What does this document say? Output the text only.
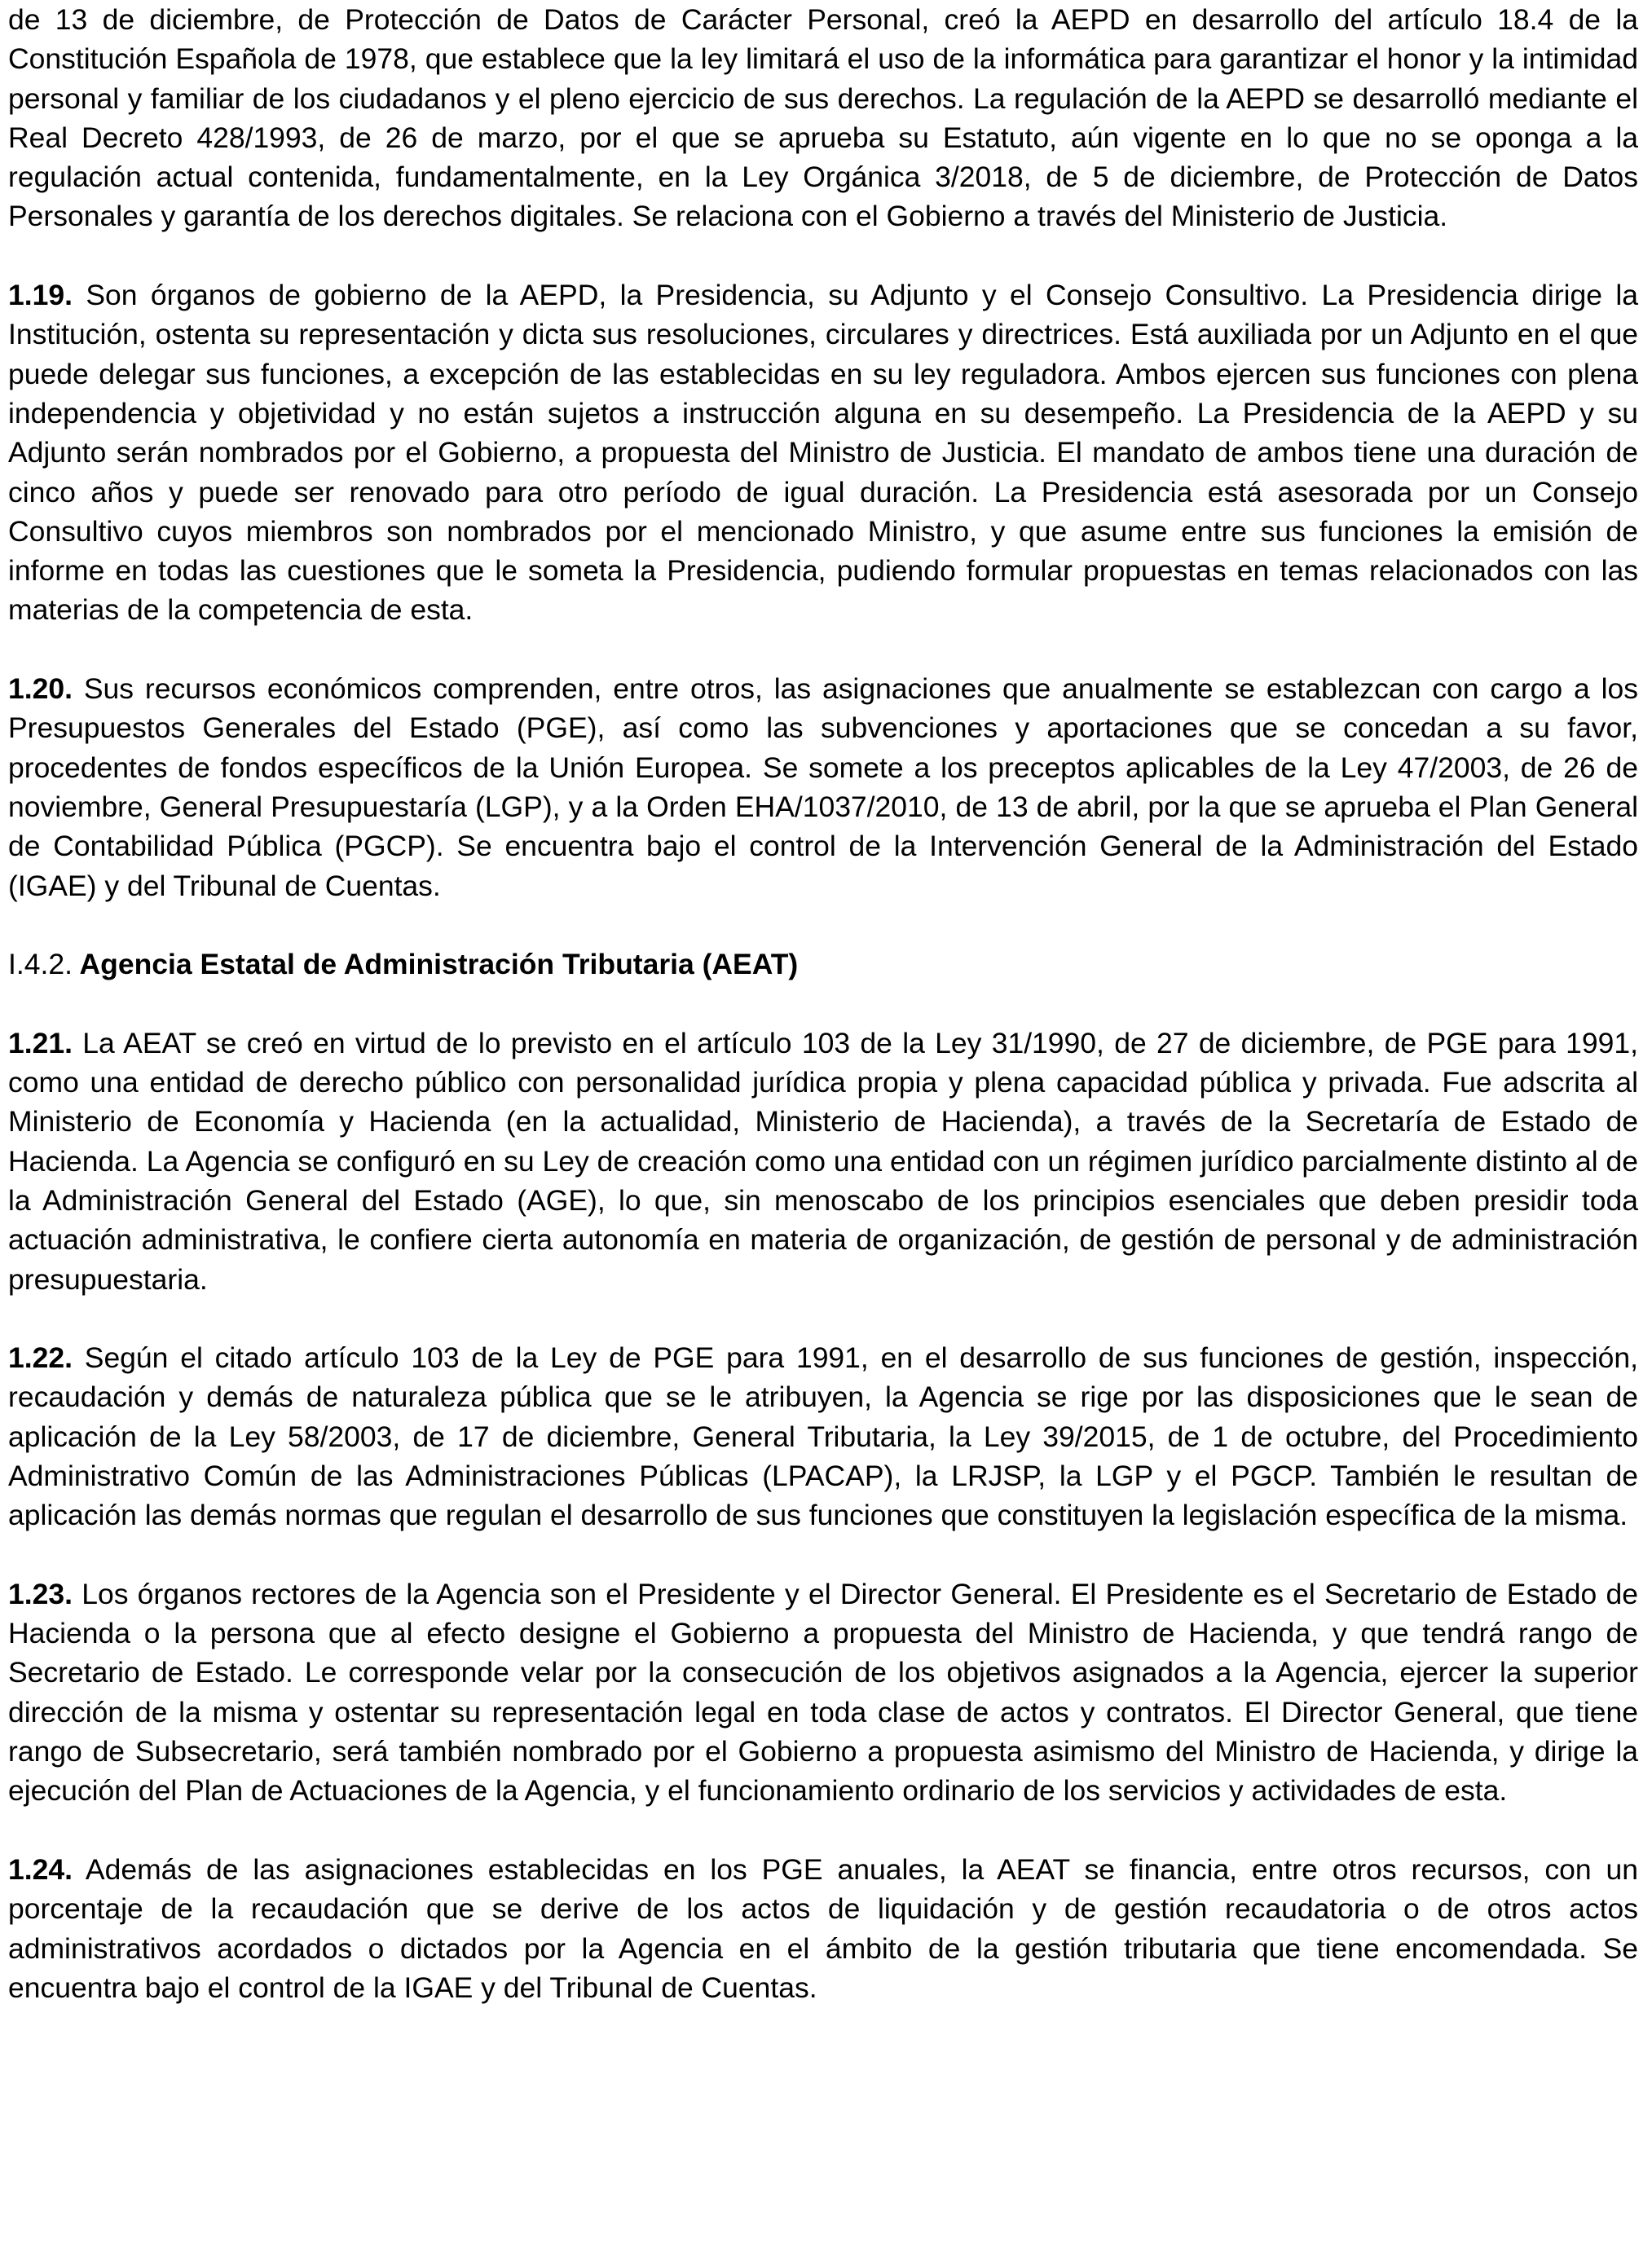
de 13 de diciembre, de Protección de Datos de Carácter Personal, creó la AEPD en desarrollo del artículo 18.4 de la Constitución Española de 1978, que establece que la ley limitará el uso de la informática para garantizar el honor y la intimidad personal y familiar de los ciudadanos y el pleno ejercicio de sus derechos. La regulación de la AEPD se desarrolló mediante el Real Decreto 428/1993, de 26 de marzo, por el que se aprueba su Estatuto, aún vigente en lo que no se oponga a la regulación actual contenida, fundamentalmente, en la Ley Orgánica 3/2018, de 5 de diciembre, de Protección de Datos Personales y garantía de los derechos digitales. Se relaciona con el Gobierno a través del Ministerio de Justicia.

1.19. Son órganos de gobierno de la AEPD, la Presidencia, su Adjunto y el Consejo Consultivo. La Presidencia dirige la Institución, ostenta su representación y dicta sus resoluciones, circulares y directrices. Está auxiliada por un Adjunto en el que puede delegar sus funciones, a excepción de las establecidas en su ley reguladora. Ambos ejercen sus funciones con plena independencia y objetividad y no están sujetos a instrucción alguna en su desempeño. La Presidencia de la AEPD y su Adjunto serán nombrados por el Gobierno, a propuesta del Ministro de Justicia. El mandato de ambos tiene una duración de cinco años y puede ser renovado para otro período de igual duración. La Presidencia está asesorada por un Consejo Consultivo cuyos miembros son nombrados por el mencionado Ministro, y que asume entre sus funciones la emisión de informe en todas las cuestiones que le someta la Presidencia, pudiendo formular propuestas en temas relacionados con las materias de la competencia de esta.

1.20. Sus recursos económicos comprenden, entre otros, las asignaciones que anualmente se establezcan con cargo a los Presupuestos Generales del Estado (PGE), así como las subvenciones y aportaciones que se concedan a su favor, procedentes de fondos específicos de la Unión Europea. Se somete a los preceptos aplicables de la Ley 47/2003, de 26 de noviembre, General Presupuestaría (LGP), y a la Orden EHA/1037/2010, de 13 de abril, por la que se aprueba el Plan General de Contabilidad Pública (PGCP). Se encuentra bajo el control de la Intervención General de la Administración del Estado (IGAE) y del Tribunal de Cuentas.

I.4.2. Agencia Estatal de Administración Tributaria (AEAT)

1.21. La AEAT se creó en virtud de lo previsto en el artículo 103 de la Ley 31/1990, de 27 de diciembre, de PGE para 1991, como una entidad de derecho público con personalidad jurídica propia y plena capacidad pública y privada. Fue adscrita al Ministerio de Economía y Hacienda (en la actualidad, Ministerio de Hacienda), a través de la Secretaría de Estado de Hacienda. La Agencia se configuró en su Ley de creación como una entidad con un régimen jurídico parcialmente distinto al de la Administración General del Estado (AGE), lo que, sin menoscabo de los principios esenciales que deben presidir toda actuación administrativa, le confiere cierta autonomía en materia de organización, de gestión de personal y de administración presupuestaria.

1.22. Según el citado artículo 103 de la Ley de PGE para 1991, en el desarrollo de sus funciones de gestión, inspección, recaudación y demás de naturaleza pública que se le atribuyen, la Agencia se rige por las disposiciones que le sean de aplicación de la Ley 58/2003, de 17 de diciembre, General Tributaria, la Ley 39/2015, de 1 de octubre, del Procedimiento Administrativo Común de las Administraciones Públicas (LPACAP), la LRJSP, la LGP y el PGCP. También le resultan de aplicación las demás normas que regulan el desarrollo de sus funciones que constituyen la legislación específica de la misma.

1.23. Los órganos rectores de la Agencia son el Presidente y el Director General. El Presidente es el Secretario de Estado de Hacienda o la persona que al efecto designe el Gobierno a propuesta del Ministro de Hacienda, y que tendrá rango de Secretario de Estado. Le corresponde velar por la consecución de los objetivos asignados a la Agencia, ejercer la superior dirección de la misma y ostentar su representación legal en toda clase de actos y contratos. El Director General, que tiene rango de Subsecretario, será también nombrado por el Gobierno a propuesta asimismo del Ministro de Hacienda, y dirige la ejecución del Plan de Actuaciones de la Agencia, y el funcionamiento ordinario de los servicios y actividades de esta.

1.24. Además de las asignaciones establecidas en los PGE anuales, la AEAT se financia, entre otros recursos, con un porcentaje de la recaudación que se derive de los actos de liquidación y de gestión recaudatoria o de otros actos administrativos acordados o dictados por la Agencia en el ámbito de la gestión tributaria que tiene encomendada. Se encuentra bajo el control de la IGAE y del Tribunal de Cuentas.
